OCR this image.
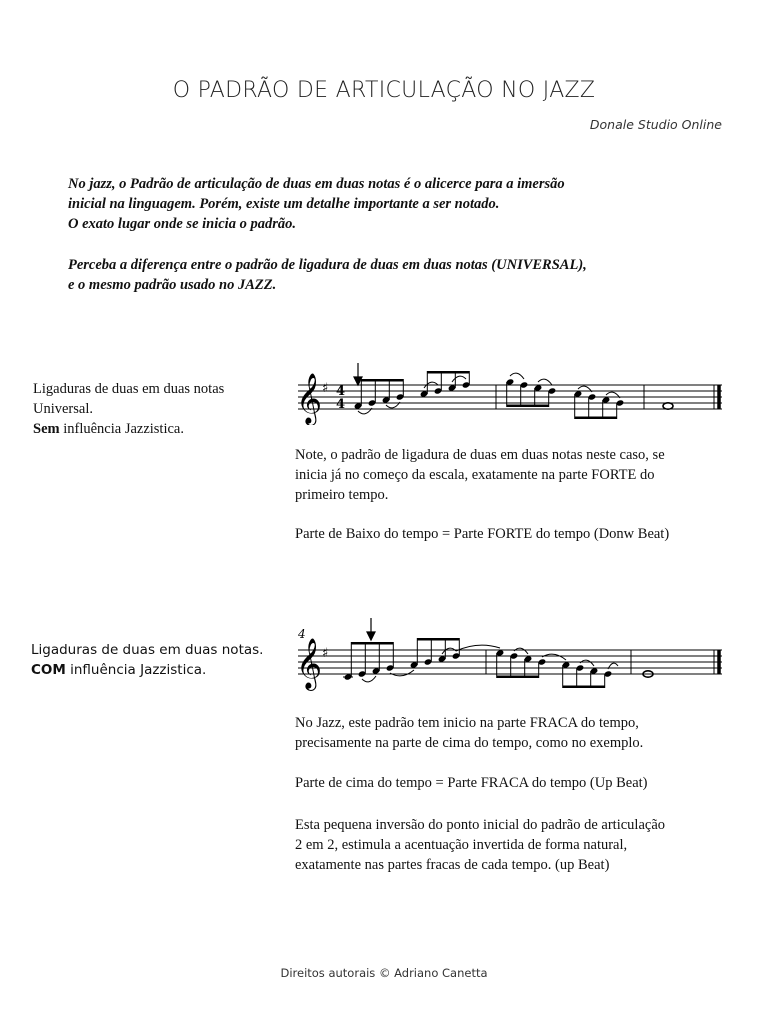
O PADRÃO DE ARTICULAÇÃO NO JAZZ
Donale Studio Online

No jazz, o Padrão de articulação de duas em duas notas é o alicerce para a imersão

inicial na linguagem. Porém, existe um detalhe importante a ser notado.

O exato lugar onde se inicia o padrão.

Perceba a diferença entre o padrão de ligadura de duas em duas notas (UNIVERSAL),

e o mesmo padrão usado no JAZZ.

Ligaduras de duas em duas notas
Universal.
Sem influência Jazzistica.
𝄞 ♯ 4
4

Note, o padrão de ligadura de duas em duas notas neste caso, se

inicia já no começo da escala, exatamente na parte FORTE do

primeiro tempo.

Parte de Baixo do tempo = Parte FORTE do tempo (Donw Beat)

Ligaduras de duas em duas notas.
COM influência Jazzistica.
4
𝄞 ♯

No Jazz, este padrão tem inicio na parte FRACA do tempo,

precisamente na parte de cima do tempo, como no exemplo.

Parte de cima do tempo = Parte FRACA do tempo (Up Beat)

Esta pequena inversão do ponto inicial do padrão de articulação

2 em 2, estimula a acentuação invertida de forma natural,

exatamente nas partes fracas de cada tempo. (up Beat)

Direitos autorais © Adriano Canetta
